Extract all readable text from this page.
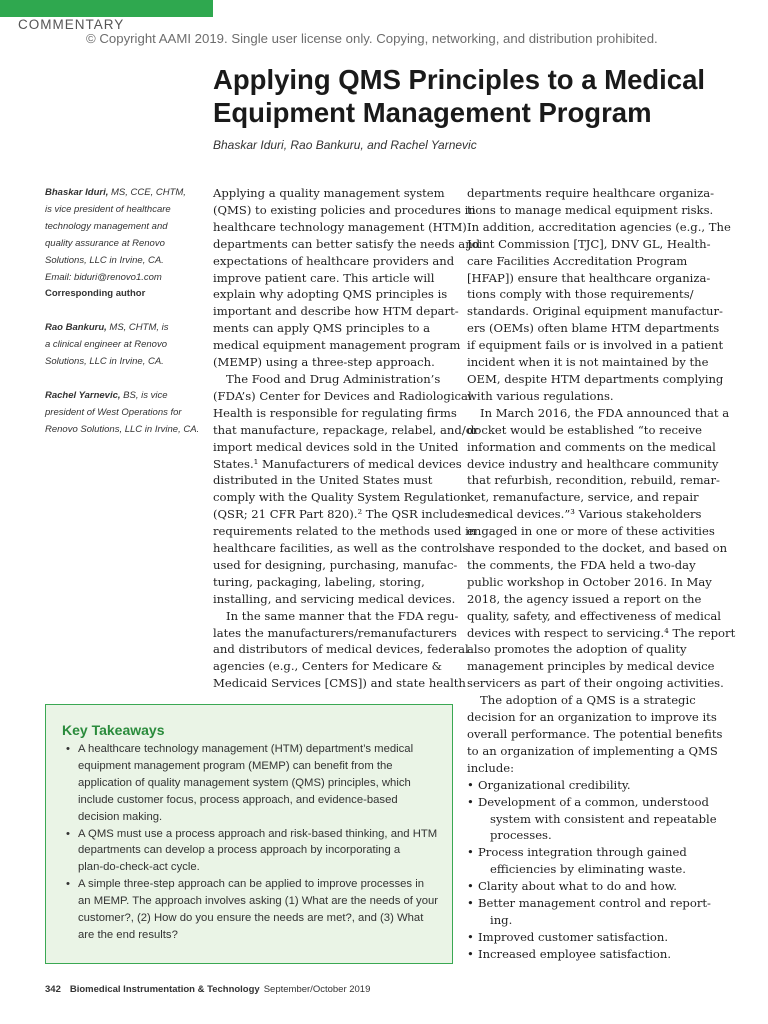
COMMENTARY
© Copyright AAMI 2019. Single user license only. Copying, networking, and distribution prohibited.
Applying QMS Principles to a Medical
Equipment Management Program
Bhaskar Iduri, Rao Bankuru, and Rachel Yarnevic
Bhaskar Iduri, MS, CCE, CHTM,
is vice president of healthcare
technology management and
quality assurance at Renovo
Solutions, LLC in Irvine, CA.
Email: biduri@renovo1.com
Corresponding author
Rao Bankuru, MS, CHTM, is
a clinical engineer at Renovo
Solutions, LLC in Irvine, CA.
Rachel Yarnevic, BS, is vice
president of West Operations for
Renovo Solutions, LLC in Irvine, CA.
Applying a quality management system
(QMS) to existing policies and procedures in
healthcare technology management (HTM)
departments can better satisfy the needs and
expectations of healthcare providers and
improve patient care. This article will
explain why adopting QMS principles is
important and describe how HTM depart-
ments can apply QMS principles to a
medical equipment management program
(MEMP) using a three-step approach.
The Food and Drug Administration’s
(FDA’s) Center for Devices and Radiological
Health is responsible for regulating firms
that manufacture, repackage, relabel, and/or
import medical devices sold in the United
States.¹ Manufacturers of medical devices
distributed in the United States must
comply with the Quality System Regulation
(QSR; 21 CFR Part 820).² The QSR includes
requirements related to the methods used in
healthcare facilities, as well as the controls
used for designing, purchasing, manufac-
turing, packaging, labeling, storing,
installing, and servicing medical devices.
In the same manner that the FDA regu-
lates the manufacturers/remanufacturers
and distributors of medical devices, federal
agencies (e.g., Centers for Medicare &
Medicaid Services [CMS]) and state health
departments require healthcare organiza-
tions to manage medical equipment risks.
In addition, accreditation agencies (e.g., The
Joint Commission [TJC], DNV GL, Health-
care Facilities Accreditation Program
[HFAP]) ensure that healthcare organiza-
tions comply with those requirements/
standards. Original equipment manufactur-
ers (OEMs) often blame HTM departments
if equipment fails or is involved in a patient
incident when it is not maintained by the
OEM, despite HTM departments complying
with various regulations.
In March 2016, the FDA announced that a
docket would be established “to receive
information and comments on the medical
device industry and healthcare community
that refurbish, recondition, rebuild, remar-
ket, remanufacture, service, and repair
medical devices.”³ Various stakeholders
engaged in one or more of these activities
have responded to the docket, and based on
the comments, the FDA held a two-day
public workshop in October 2016. In May
2018, the agency issued a report on the
quality, safety, and effectiveness of medical
devices with respect to servicing.⁴ The report
also promotes the adoption of quality
management principles by medical device
servicers as part of their ongoing activities.
The adoption of a QMS is a strategic
decision for an organization to improve its
overall performance. The potential benefits
to an organization of implementing a QMS
include:
• Organizational credibility.
• Development of a common, understood
system with consistent and repeatable
processes.
• Process integration through gained
efficiencies by eliminating waste.
• Clarity about what to do and how.
• Better management control and report-
ing.
• Improved customer satisfaction.
• Increased employee satisfaction.
Key Takeaways
• A healthcare technology management (HTM) department’s medical
equipment management program (MEMP) can benefit from the
application of quality management system (QMS) principles, which
include customer focus, process approach, and evidence-based
decision making.
• A QMS must use a process approach and risk-based thinking, and HTM
departments can develop a process approach by incorporating a
plan-do-check-act cycle.
• A simple three-step approach can be applied to improve processes in
an MEMP. The approach involves asking (1) What are the needs of your
customer?, (2) How do you ensure the needs are met?, and (3) What
are the end results?
342 Biomedical Instrumentation & Technology September/October 2019
